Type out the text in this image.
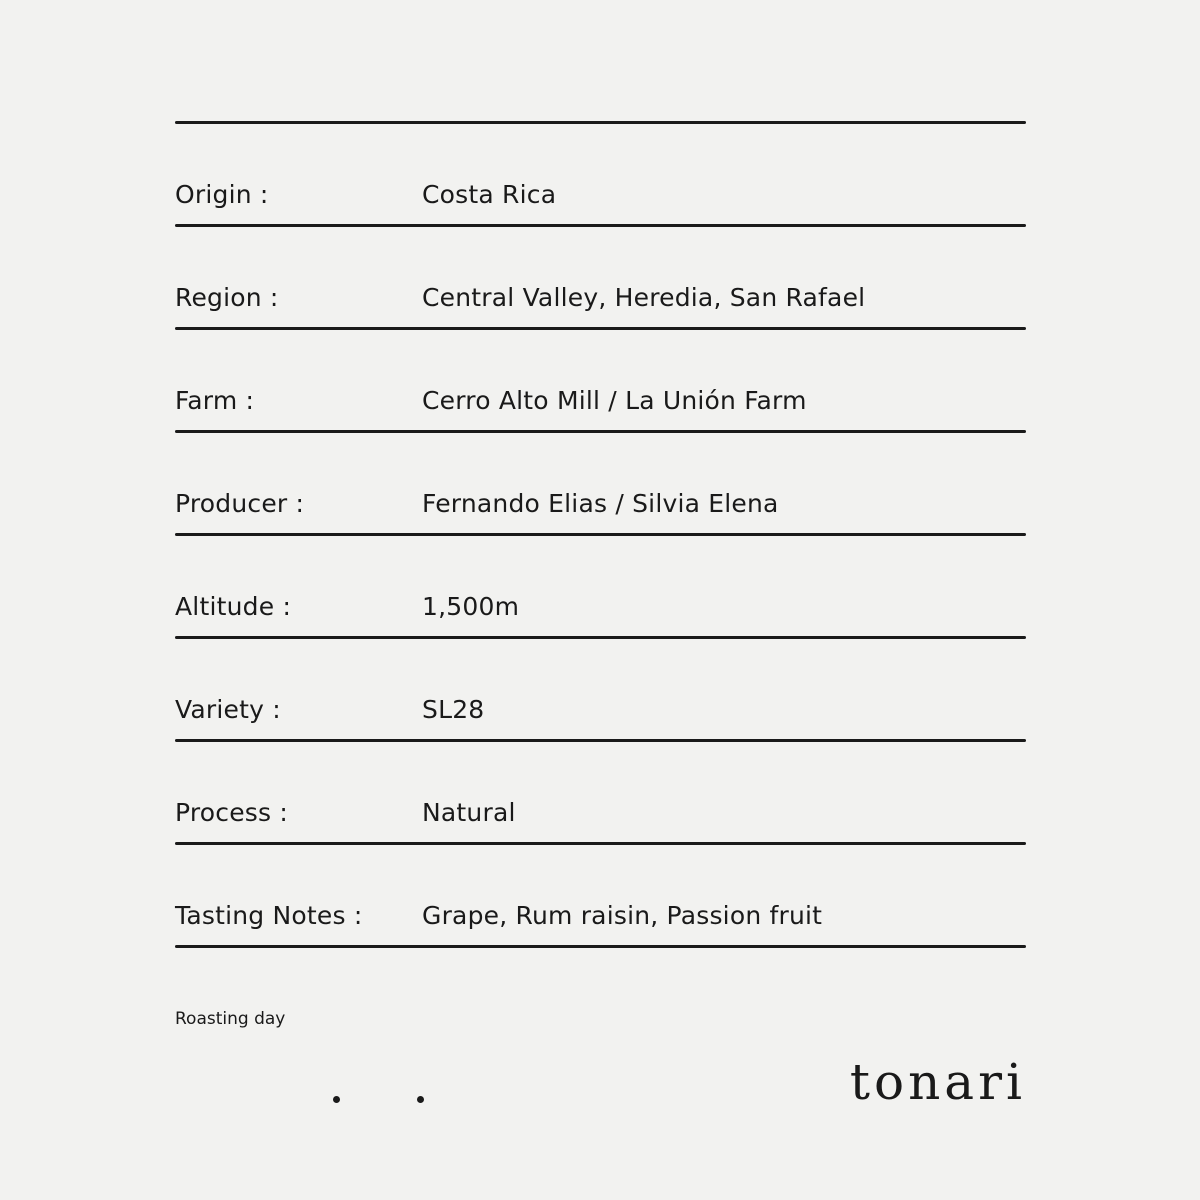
Origin :	Costa Rica
Region :	Central Valley, Heredia, San Rafael
Farm :	Cerro Alto Mill / La Unión Farm
Producer :	Fernando Elias / Silvia Elena
Altitude :	1,500m
Variety :	SL28
Process :	Natural
Tasting Notes : Grape, Rum raisin, Passion fruit
Roasting day
tonari
